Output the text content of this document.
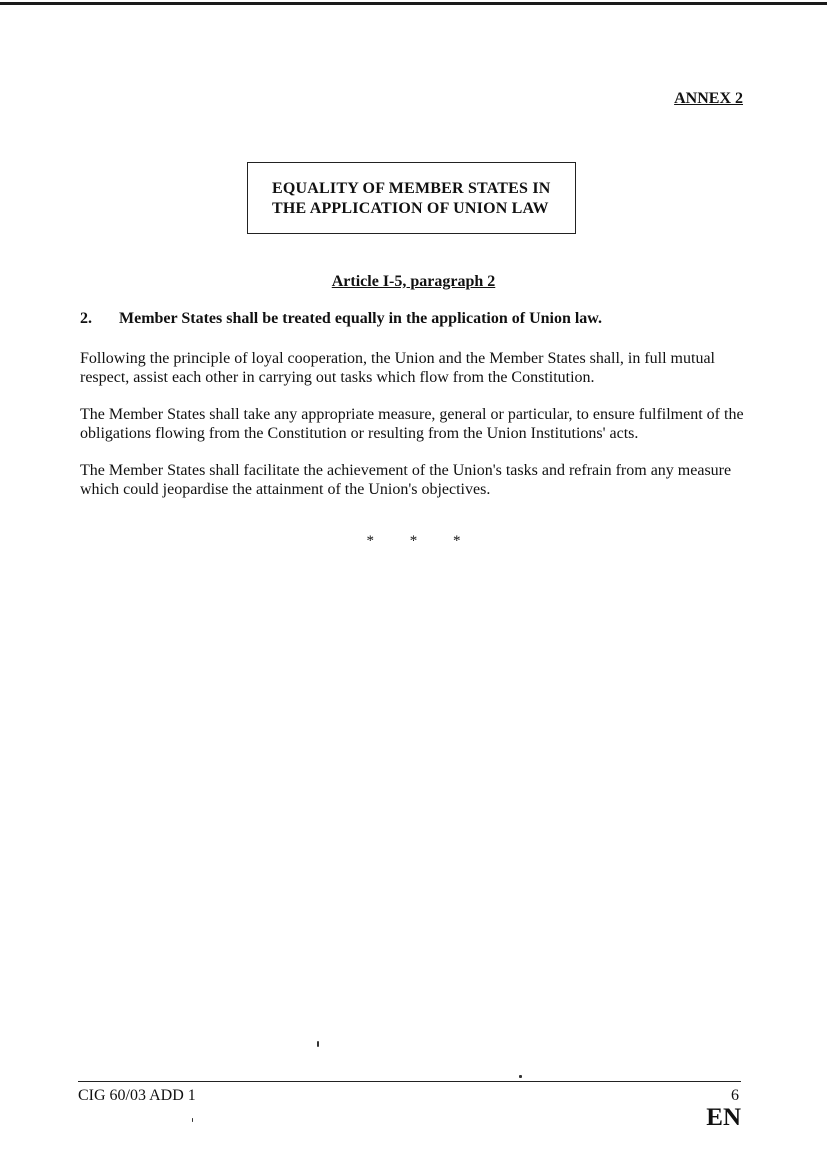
ANNEX 2
EQUALITY OF MEMBER STATES IN
THE APPLICATION OF UNION LAW
Article I-5, paragraph 2
2. Member States shall be treated equally in the application of Union law.

Following the principle of loyal cooperation, the Union and the Member States shall, in full mutual respect, assist each other in carrying out tasks which flow from the Constitution.

The Member States shall take any appropriate measure, general or particular, to ensure fulfilment of the obligations flowing from the Constitution or resulting from the Union Institutions' acts.

The Member States shall facilitate the achievement of the Union's tasks and refrain from any measure which could jeopardise the attainment of the Union's objectives.

* * *
CIG 60/03 ADD 1	6
EN
